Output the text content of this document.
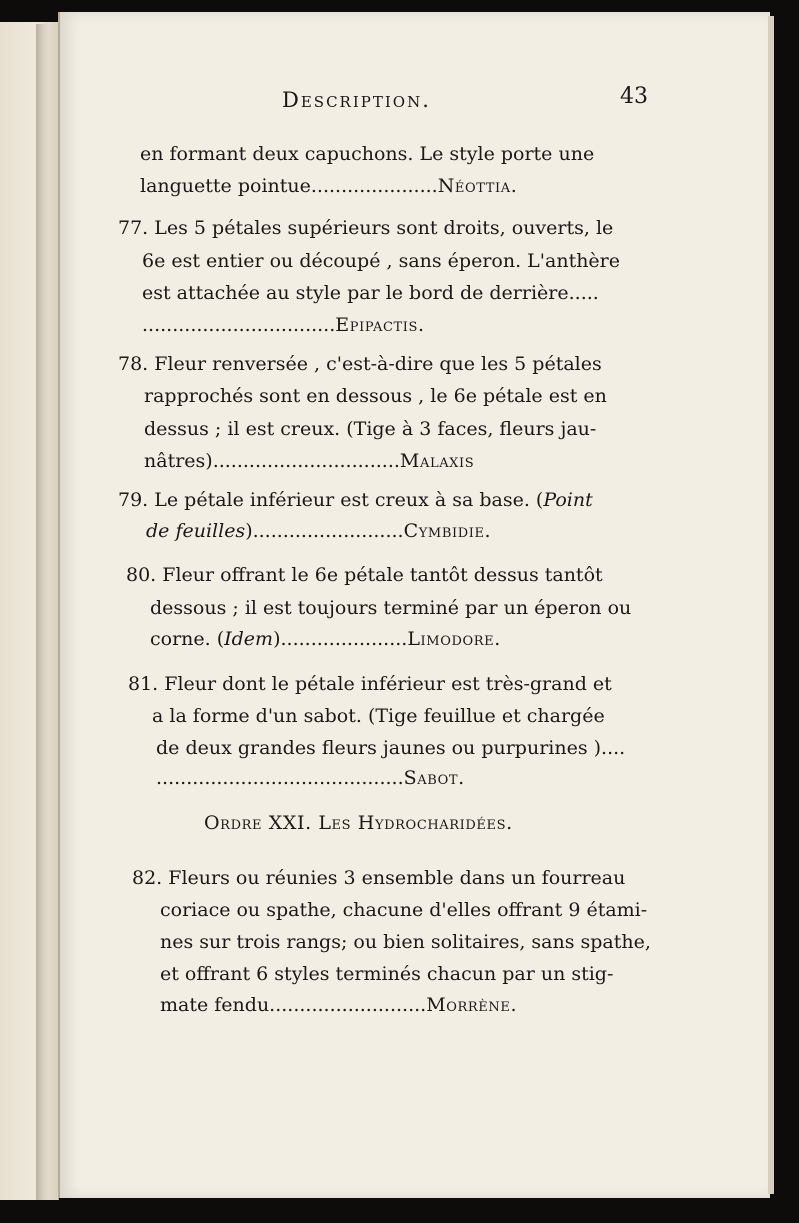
Description.	43
en formant deux capuchons. Le style porte une
languette pointue.....................Néottia.
77. Les 5 pétales supérieurs sont droits, ouverts, le
6e est entier ou découpé , sans éperon. L'anthère
est attachée au style par le bord de derrière.....
................................Epipactis.
78. Fleur renversée , c'est-à-dire que les 5 pétales
rapprochés sont en dessous , le 6e pétale est en
dessus ; il est creux. (Tige à 3 faces, fleurs jau-
nâtres)...............................Malaxis
79. Le pétale inférieur est creux à sa base. (Point
de feuilles).........................Cymbidie.
80. Fleur offrant le 6e pétale tantôt dessus tantôt
dessous ; il est toujours terminé par un éperon ou
corne. (Idem).....................Limodore.
81. Fleur dont le pétale inférieur est très-grand et
a la forme d'un sabot. (Tige feuillue et chargée
de deux grandes fleurs jaunes ou purpurines )....
.........................................Sabot.
Ordre XXI. Les Hydrocharidées.
82. Fleurs ou réunies 3 ensemble dans un fourreau
coriace ou spathe, chacune d'elles offrant 9 étami-
nes sur trois rangs; ou bien solitaires, sans spathe,
et offrant 6 styles terminés chacun par un stig-
mate fendu..........................Morrène.
